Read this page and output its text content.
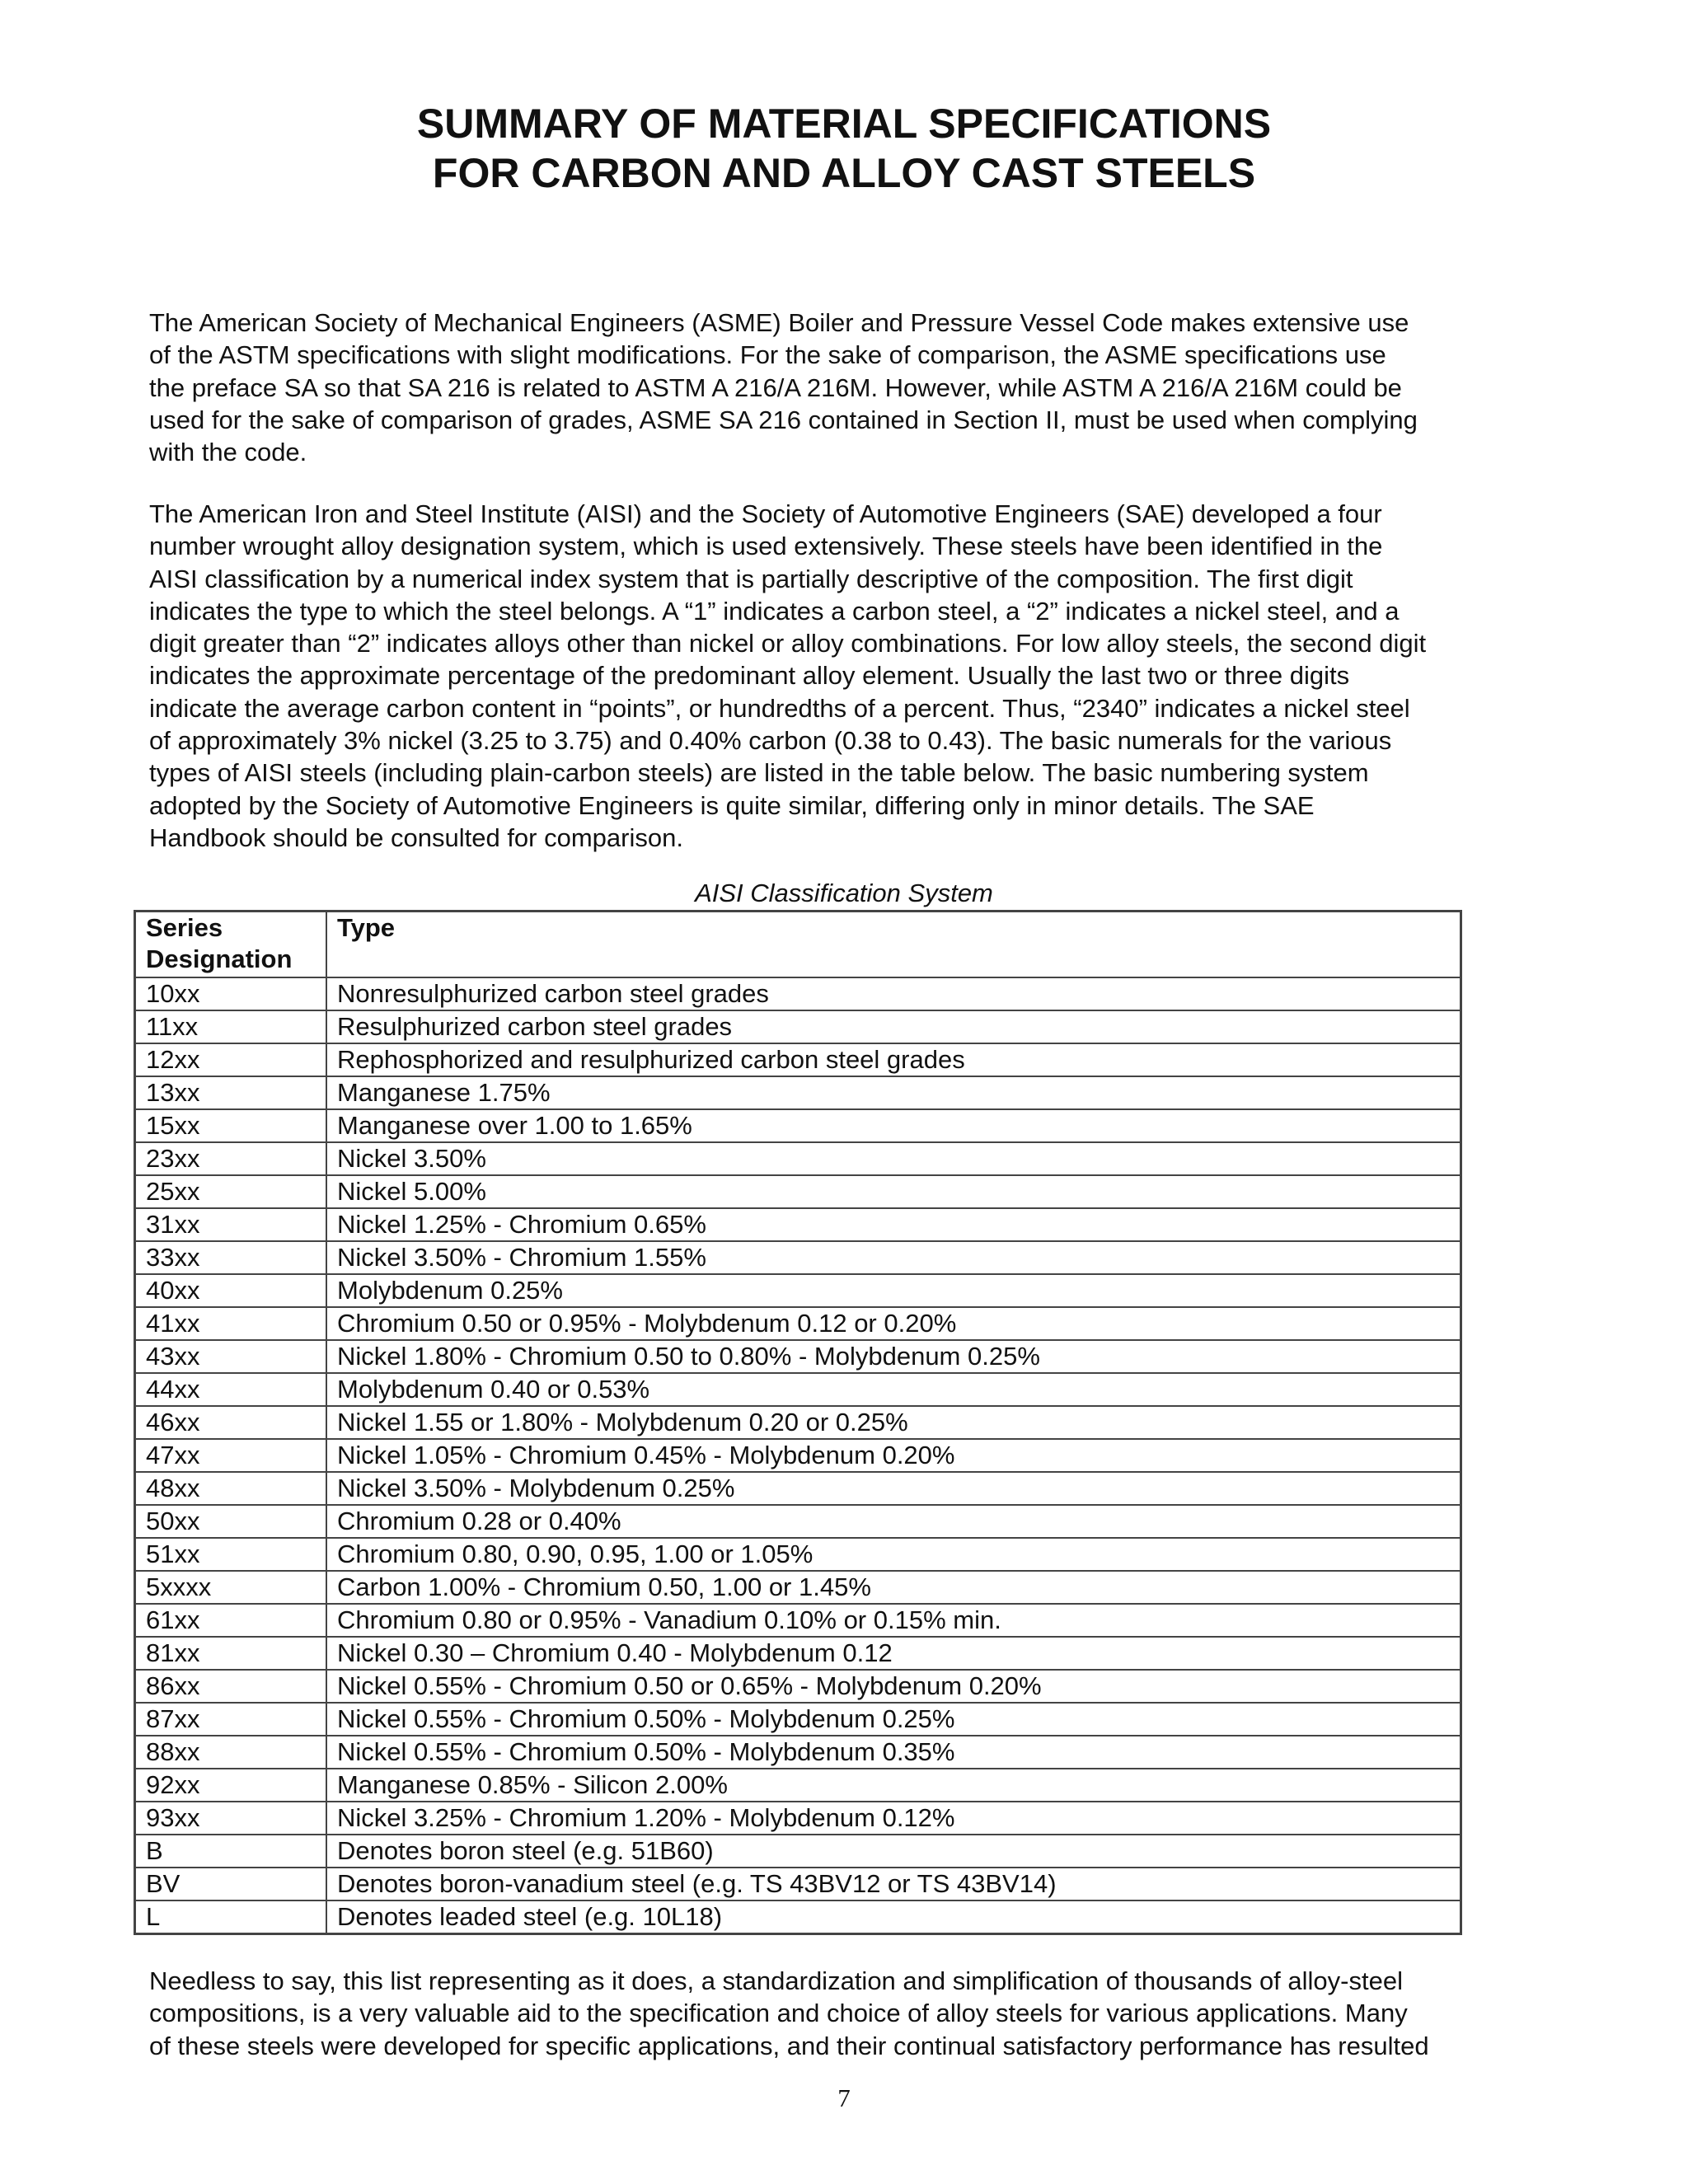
SUMMARY OF MATERIAL SPECIFICATIONS
FOR CARBON AND ALLOY CAST STEELS
The American Society of Mechanical Engineers (ASME) Boiler and Pressure Vessel Code makes extensive use
of the ASTM specifications with slight modifications. For the sake of comparison, the ASME specifications use
the preface SA so that SA 216 is related to ASTM A 216/A 216M. However, while ASTM A 216/A 216M could be
used for the sake of comparison of grades, ASME SA 216 contained in Section II, must be used when complying
with the code.
The American Iron and Steel Institute (AISI) and the Society of Automotive Engineers (SAE) developed a four
number wrought alloy designation system, which is used extensively. These steels have been identified in the
AISI classification by a numerical index system that is partially descriptive of the composition. The first digit
indicates the type to which the steel belongs. A “1” indicates a carbon steel, a “2” indicates a nickel steel, and a
digit greater than “2” indicates alloys other than nickel or alloy combinations. For low alloy steels, the second digit
indicates the approximate percentage of the predominant alloy element. Usually the last two or three digits
indicate the average carbon content in “points”, or hundredths of a percent. Thus, “2340” indicates a nickel steel
of approximately 3% nickel (3.25 to 3.75) and 0.40% carbon (0.38 to 0.43). The basic numerals for the various
types of AISI steels (including plain-carbon steels) are listed in the table below. The basic numbering system
adopted by the Society of Automotive Engineers is quite similar, differing only in minor details. The SAE
Handbook should be consulted for comparison.

AISI Classification System

Series
Designation	Type
10xx	Nonresulphurized carbon steel grades
11xx	Resulphurized carbon steel grades
12xx	Rephosphorized and resulphurized carbon steel grades
13xx	Manganese 1.75%
15xx	Manganese over 1.00 to 1.65%
23xx	Nickel 3.50%
25xx	Nickel 5.00%
31xx	Nickel 1.25% - Chromium 0.65%
33xx	Nickel 3.50% - Chromium 1.55%
40xx	Molybdenum 0.25%
41xx	Chromium 0.50 or 0.95% - Molybdenum 0.12 or 0.20%
43xx	Nickel 1.80% - Chromium 0.50 to 0.80% - Molybdenum 0.25%
44xx	Molybdenum 0.40 or 0.53%
46xx	Nickel 1.55 or 1.80% - Molybdenum 0.20 or 0.25%
47xx	Nickel 1.05% - Chromium 0.45% - Molybdenum 0.20%
48xx	Nickel 3.50% - Molybdenum 0.25%
50xx	Chromium 0.28 or 0.40%
51xx	Chromium 0.80, 0.90, 0.95, 1.00 or 1.05%
5xxxx	Carbon 1.00% - Chromium 0.50, 1.00 or 1.45%
61xx	Chromium 0.80 or 0.95% - Vanadium 0.10% or 0.15% min.
81xx	Nickel 0.30 – Chromium 0.40 - Molybdenum 0.12
86xx	Nickel 0.55% - Chromium 0.50 or 0.65% - Molybdenum 0.20%
87xx	Nickel 0.55% - Chromium 0.50% - Molybdenum 0.25%
88xx	Nickel 0.55% - Chromium 0.50% - Molybdenum 0.35%
92xx	Manganese 0.85% - Silicon 2.00%
93xx	Nickel 3.25% - Chromium 1.20% - Molybdenum 0.12%
B	Denotes boron steel (e.g. 51B60)
BV	Denotes boron-vanadium steel (e.g. TS 43BV12 or TS 43BV14)
L	Denotes leaded steel (e.g. 10L18)
Needless to say, this list representing as it does, a standardization and simplification of thousands of alloy-steel
compositions, is a very valuable aid to the specification and choice of alloy steels for various applications. Many
of these steels were developed for specific applications, and their continual satisfactory performance has resulted

7
